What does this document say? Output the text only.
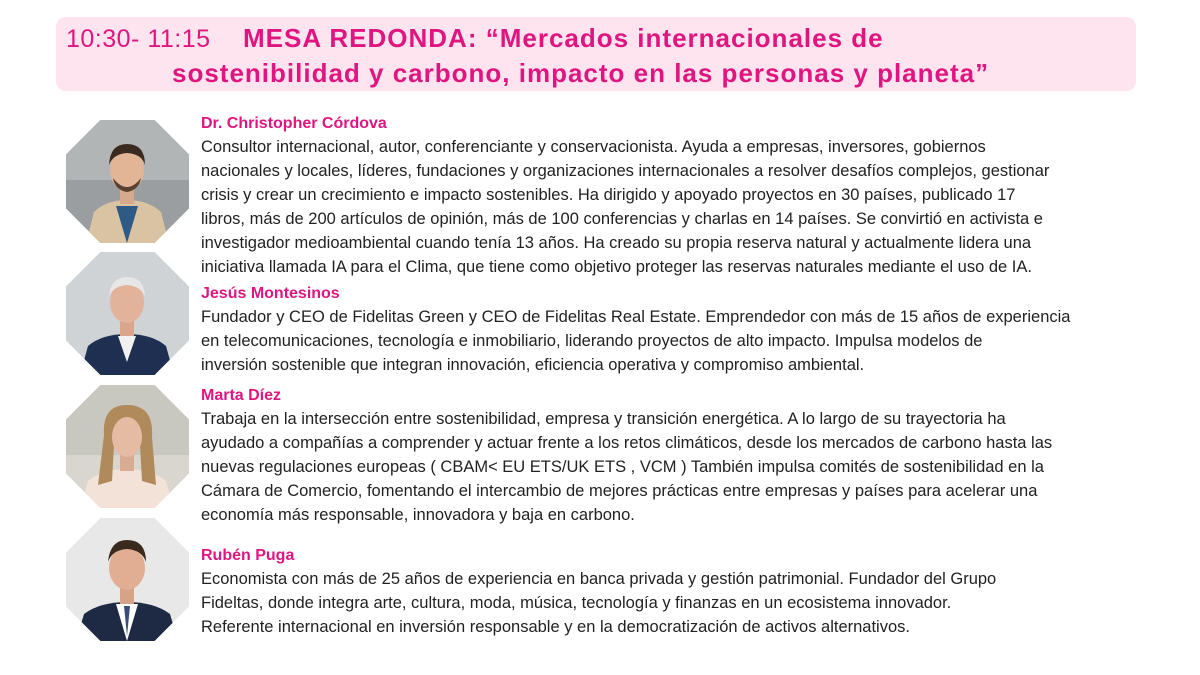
10:30- 11:15 MESA REDONDA: “Mercados internacionales de
sostenibilidad y carbono, impacto en las personas y planeta”
Dr. Christopher Córdova
Consultor internacional, autor, conferenciante y conservacionista. Ayuda a empresas, inversores, gobiernos
nacionales y locales, líderes, fundaciones y organizaciones internacionales a resolver desafíos complejos, gestionar
crisis y crear un crecimiento e impacto sostenibles. Ha dirigido y apoyado proyectos en 30 países, publicado 17
libros, más de 200 artículos de opinión, más de 100 conferencias y charlas en 14 países. Se convirtió en activista e
investigador medioambiental cuando tenía 13 años. Ha creado su propia reserva natural y actualmente lidera una
iniciativa llamada IA para el Clima, que tiene como objetivo proteger las reservas naturales mediante el uso de IA.
Jesús Montesinos
Fundador y CEO de Fidelitas Green y CEO de Fidelitas Real Estate. Emprendedor con más de 15 años de experiencia
en telecomunicaciones, tecnología e inmobiliario, liderando proyectos de alto impacto. Impulsa modelos de
inversión sostenible que integran innovación, eficiencia operativa y compromiso ambiental.
Marta Díez
Trabaja en la intersección entre sostenibilidad, empresa y transición energética. A lo largo de su trayectoria ha
ayudado a compañías a comprender y actuar frente a los retos climáticos, desde los mercados de carbono hasta las
nuevas regulaciones europeas ( CBAM< EU ETS/UK ETS , VCM ) También impulsa comités de sostenibilidad en la
Cámara de Comercio, fomentando el intercambio de mejores prácticas entre empresas y países para acelerar una
economía más responsable, innovadora y baja en carbono.
Rubén Puga
Economista con más de 25 años de experiencia en banca privada y gestión patrimonial. Fundador del Grupo
Fideltas, donde integra arte, cultura, moda, música, tecnología y finanzas en un ecosistema innovador.
Referente internacional en inversión responsable y en la democratización de activos alternativos.
